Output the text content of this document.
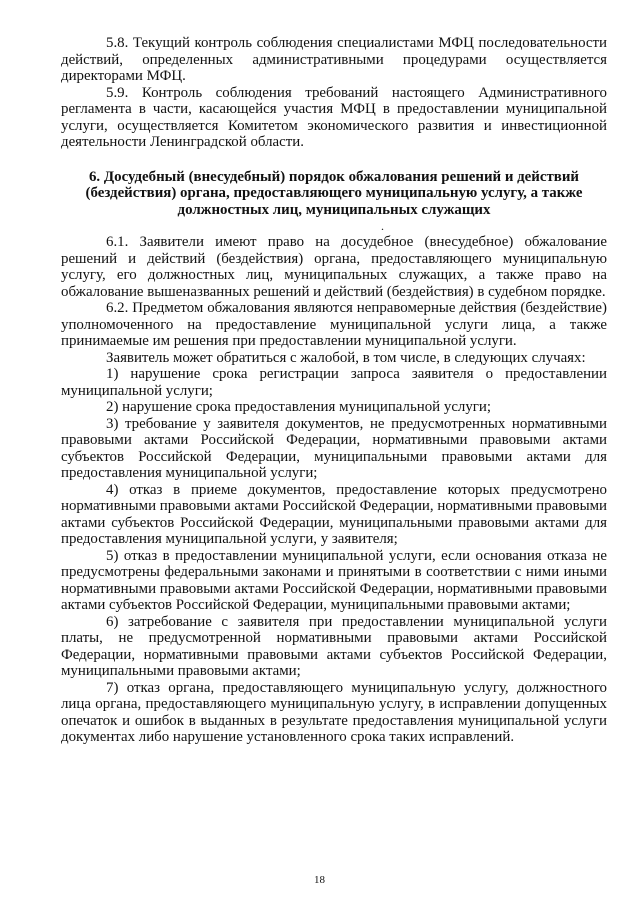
5.8. Текущий контроль соблюдения специалистами МФЦ последовательности действий, определенных административными процедурами осуществляется директорами МФЦ.

5.9. Контроль соблюдения требований настоящего Административного регламента в части, касающейся участия МФЦ в предоставлении муниципальной услуги, осуществляется Комитетом экономического развития и инвестиционной деятельности Ленинградской области.

6. Досудебный (внесудебный) порядок обжалования решений и действий (бездействия) органа, предоставляющего муниципальную услугу, а также должностных лиц, муниципальных служащих

.

6.1. Заявители имеют право на досудебное (внесудебное) обжалование решений и действий (бездействия) органа, предоставляющего муниципальную услугу, его должностных лиц, муниципальных служащих, а также право на обжалование вышеназванных решений и действий (бездействия) в судебном порядке.

6.2. Предметом обжалования являются неправомерные действия (бездействие) уполномоченного на предоставление муниципальной услуги лица, а также принимаемые им решения при предоставлении муниципальной услуги.

Заявитель может обратиться с жалобой, в том числе, в следующих случаях:

1) нарушение срока регистрации запроса заявителя о предоставлении муниципальной услуги;

2) нарушение срока предоставления муниципальной услуги;

3) требование у заявителя документов, не предусмотренных нормативными правовыми актами Российской Федерации, нормативными правовыми актами субъектов Российской Федерации, муниципальными правовыми актами для предоставления муниципальной услуги;

4) отказ в приеме документов, предоставление которых предусмотрено нормативными правовыми актами Российской Федерации, нормативными правовыми актами субъектов Российской Федерации, муниципальными правовыми актами для предоставления муниципальной услуги, у заявителя;

5) отказ в предоставлении муниципальной услуги, если основания отказа не предусмотрены федеральными законами и принятыми в соответствии с ними иными нормативными правовыми актами Российской Федерации, нормативными правовыми актами субъектов Российской Федерации, муниципальными правовыми актами;

6) затребование с заявителя при предоставлении муниципальной услуги платы, не предусмотренной нормативными правовыми актами Российской Федерации, нормативными правовыми актами субъектов Российской Федерации, муниципальными правовыми актами;

7) отказ органа, предоставляющего муниципальную услугу, должностного лица органа, предоставляющего муниципальную услугу, в исправлении допущенных опечаток и ошибок в выданных в результате предоставления муниципальной услуги документах либо нарушение установленного срока таких исправлений.

18
